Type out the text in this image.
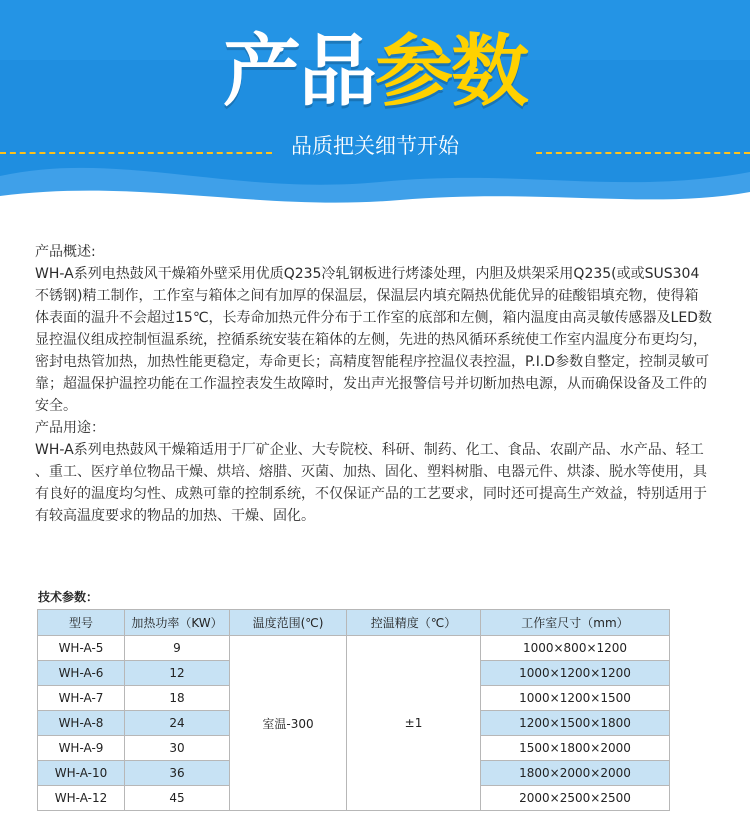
产品参数
品质把关细节开始

产品概述:

WH-A系列电热鼓风干燥箱外壁采用优质Q235冷轧钢板进行烤漆处理，内胆及烘架采用Q235(或或SUS304

不锈钢)精工制作，工作室与箱体之间有加厚的保温层，保温层内填充隔热优能优异的硅酸铝填充物，使得箱

体表面的温升不会超过15℃，长寿命加热元件分布于工作室的底部和左侧，箱内温度由高灵敏传感器及LED数

显控温仪组成控制恒温系统，控循系统安装在箱体的左侧，先进的热风循环系统使工作室内温度分布更均匀，

密封电热管加热，加热性能更稳定，寿命更长；高精度智能程序控温仪表控温，P.I.D参数自整定，控制灵敏可

靠；超温保护温控功能在工作温控表发生故障时，发出声光报警信号并切断加热电源，从而确保设备及工件的

安全。

产品用途：

WH-A系列电热鼓风干燥箱适用于厂矿企业、大专院校、科研、制药、化工、食品、农副产品、水产品、轻工

、重工、医疗单位物品干燥、烘培、熔腊、灭菌、加热、固化、塑料树脂、电器元件、烘漆、脱水等使用，具

有良好的温度均匀性、成熟可靠的控制系统，不仅保证产品的工艺要求，同时还可提高生产效益，特别适用于

有较高温度要求的物品的加热、干燥、固化。

技术参数：
型号	加热功率（KW）	温度范围(℃)	控温精度（℃）	工作室尺寸（mm）
WH-A-5	9	室温-300	±1	1000×800×1200
WH-A-6	12			1000×1200×1200
WH-A-7	18			1000×1200×1500
WH-A-8	24			1200×1500×1800
WH-A-9	30			1500×1800×2000
WH-A-10	36			1800×2000×2000
WH-A-12	45			2000×2500×2500
